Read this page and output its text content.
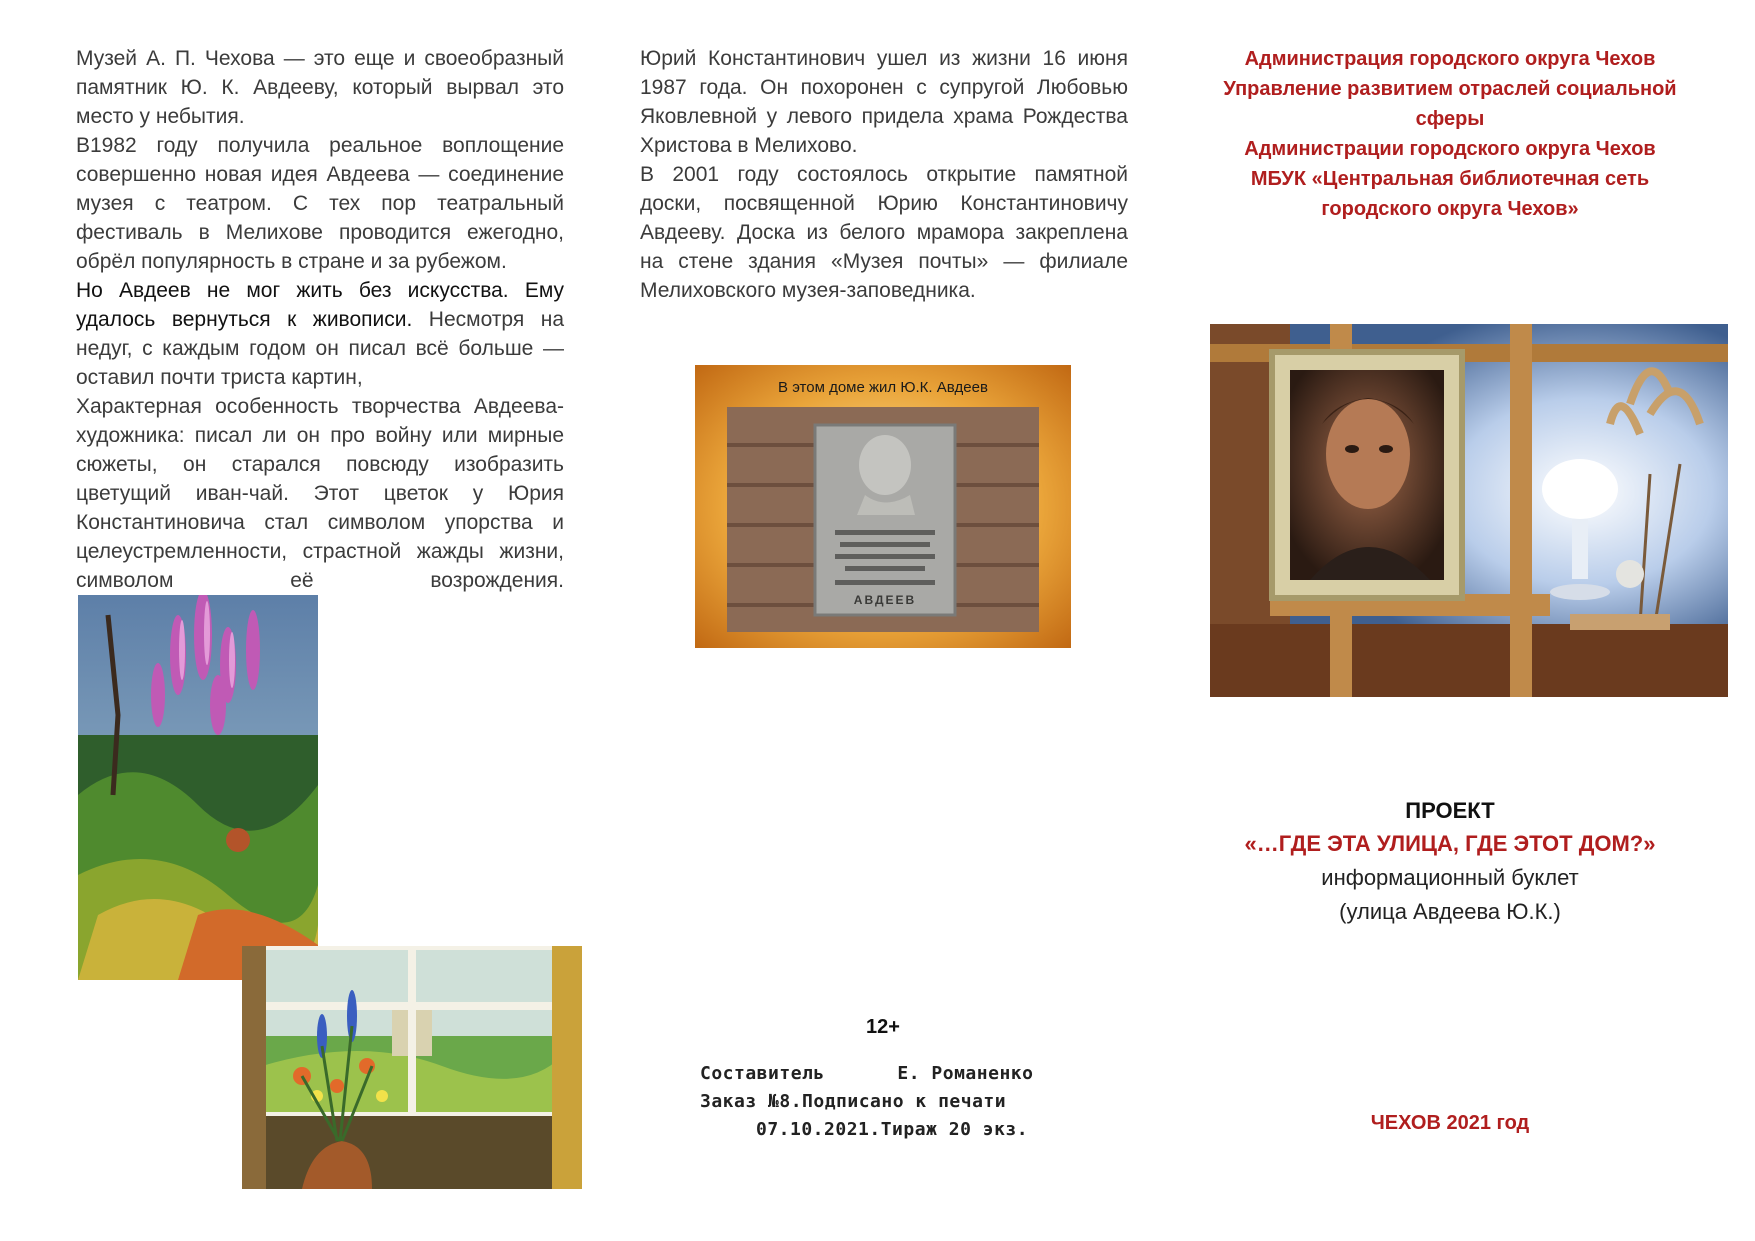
Музей А. П. Чехова — это еще и своеобразный памятник Ю. К. Авдееву, который вырвал это место у небытия.

В1982 году получила реальное воплощение совершенно новая идея Авдеева — соединение музея с театром. С тех пор театральный фестиваль в Мелихове проводится ежегодно, обрёл популярность в стране и за рубежом.

Но Авдеев не мог жить без искусства. Ему удалось вернуться к живописи. Несмотря на недуг, с каждым годом он писал всё больше — оставил почти триста картин,

Характерная особенность творчества Авдеева-художника: писал ли он про войну или мирные сюжеты, он старался повсюду изобразить цветущий иван-чай. Этот цветок у Юрия Константиновича стал символом упорства и целеустремленности, страстной жажды жизни, символом её возрождения.

Юрий Константинович ушел из жизни 16 июня 1987 года. Он похоронен с супругой Любовью Яковлевной у левого придела храма Рождества Христова в Мелихово.

В 2001 году состоялось открытие памятной доски, посвященной Юрию Константиновичу Авдееву. Доска из белого мрамора закреплена на стене здания «Музея почты» — филиале Мелиховского музея-заповедника.

В этом доме жил Ю.К. Авдеев
АВДЕЕВ
12+
Составитель	Е. Романенко
Заказ №8.Подписано к печати
07.10.2021.Тираж 20 экз.
Администрация городского округа Чехов
Управление развитием отраслей социальной
сферы
Администрации городского округа Чехов
МБУК «Центральная библиотечная сеть
городского округа Чехов»
ПРОЕКТ
«…ГДЕ ЭТА УЛИЦА, ГДЕ ЭТОТ ДОМ?»
информационный буклет
(улица Авдеева Ю.К.)
ЧЕХОВ 2021 год
